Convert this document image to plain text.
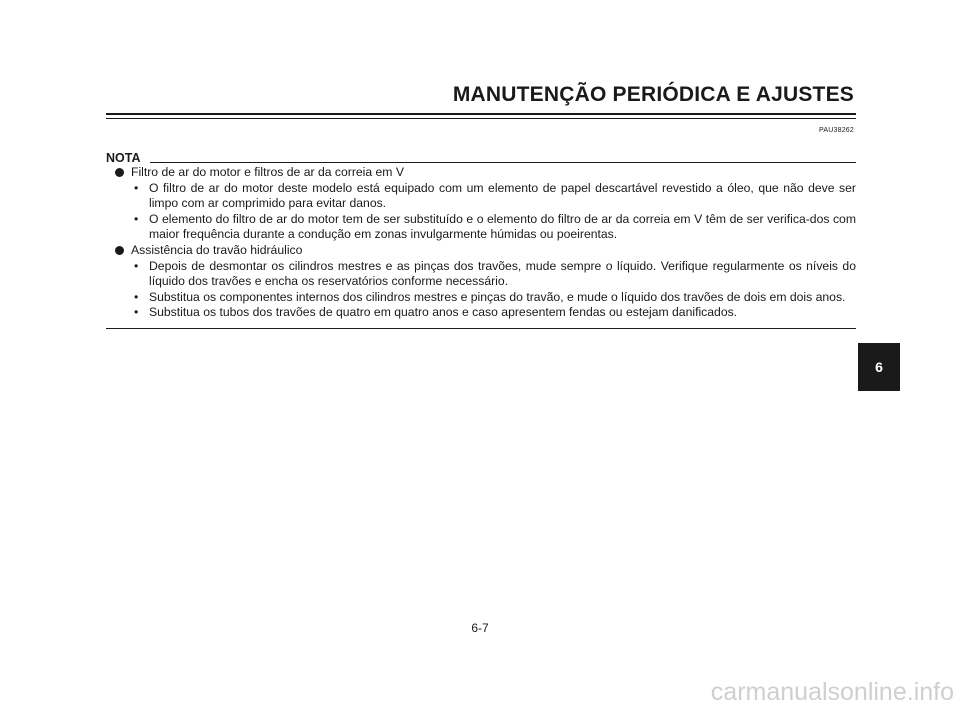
MANUTENÇÃO PERIÓDICA E AJUSTES
PAU38262
NOTA
Filtro de ar do motor e filtros de ar da correia em V
• O filtro de ar do motor deste modelo está equipado com um elemento de papel descartável revestido a óleo, que não deve ser limpo com ar comprimido para evitar danos.
• O elemento do filtro de ar do motor tem de ser substituído e o elemento do filtro de ar da correia em V têm de ser verifica-dos com maior frequência durante a condução em zonas invulgarmente húmidas ou poeirentas.
Assistência do travão hidráulico
• Depois de desmontar os cilindros mestres e as pinças dos travões, mude sempre o líquido. Verifique regularmente os níveis do líquido dos travões e encha os reservatórios conforme necessário.
• Substitua os componentes internos dos cilindros mestres e pinças do travão, e mude o líquido dos travões de dois em dois anos.
• Substitua os tubos dos travões de quatro em quatro anos e caso apresentem fendas ou estejam danificados.
6
6-7
carmanualsonline.info
